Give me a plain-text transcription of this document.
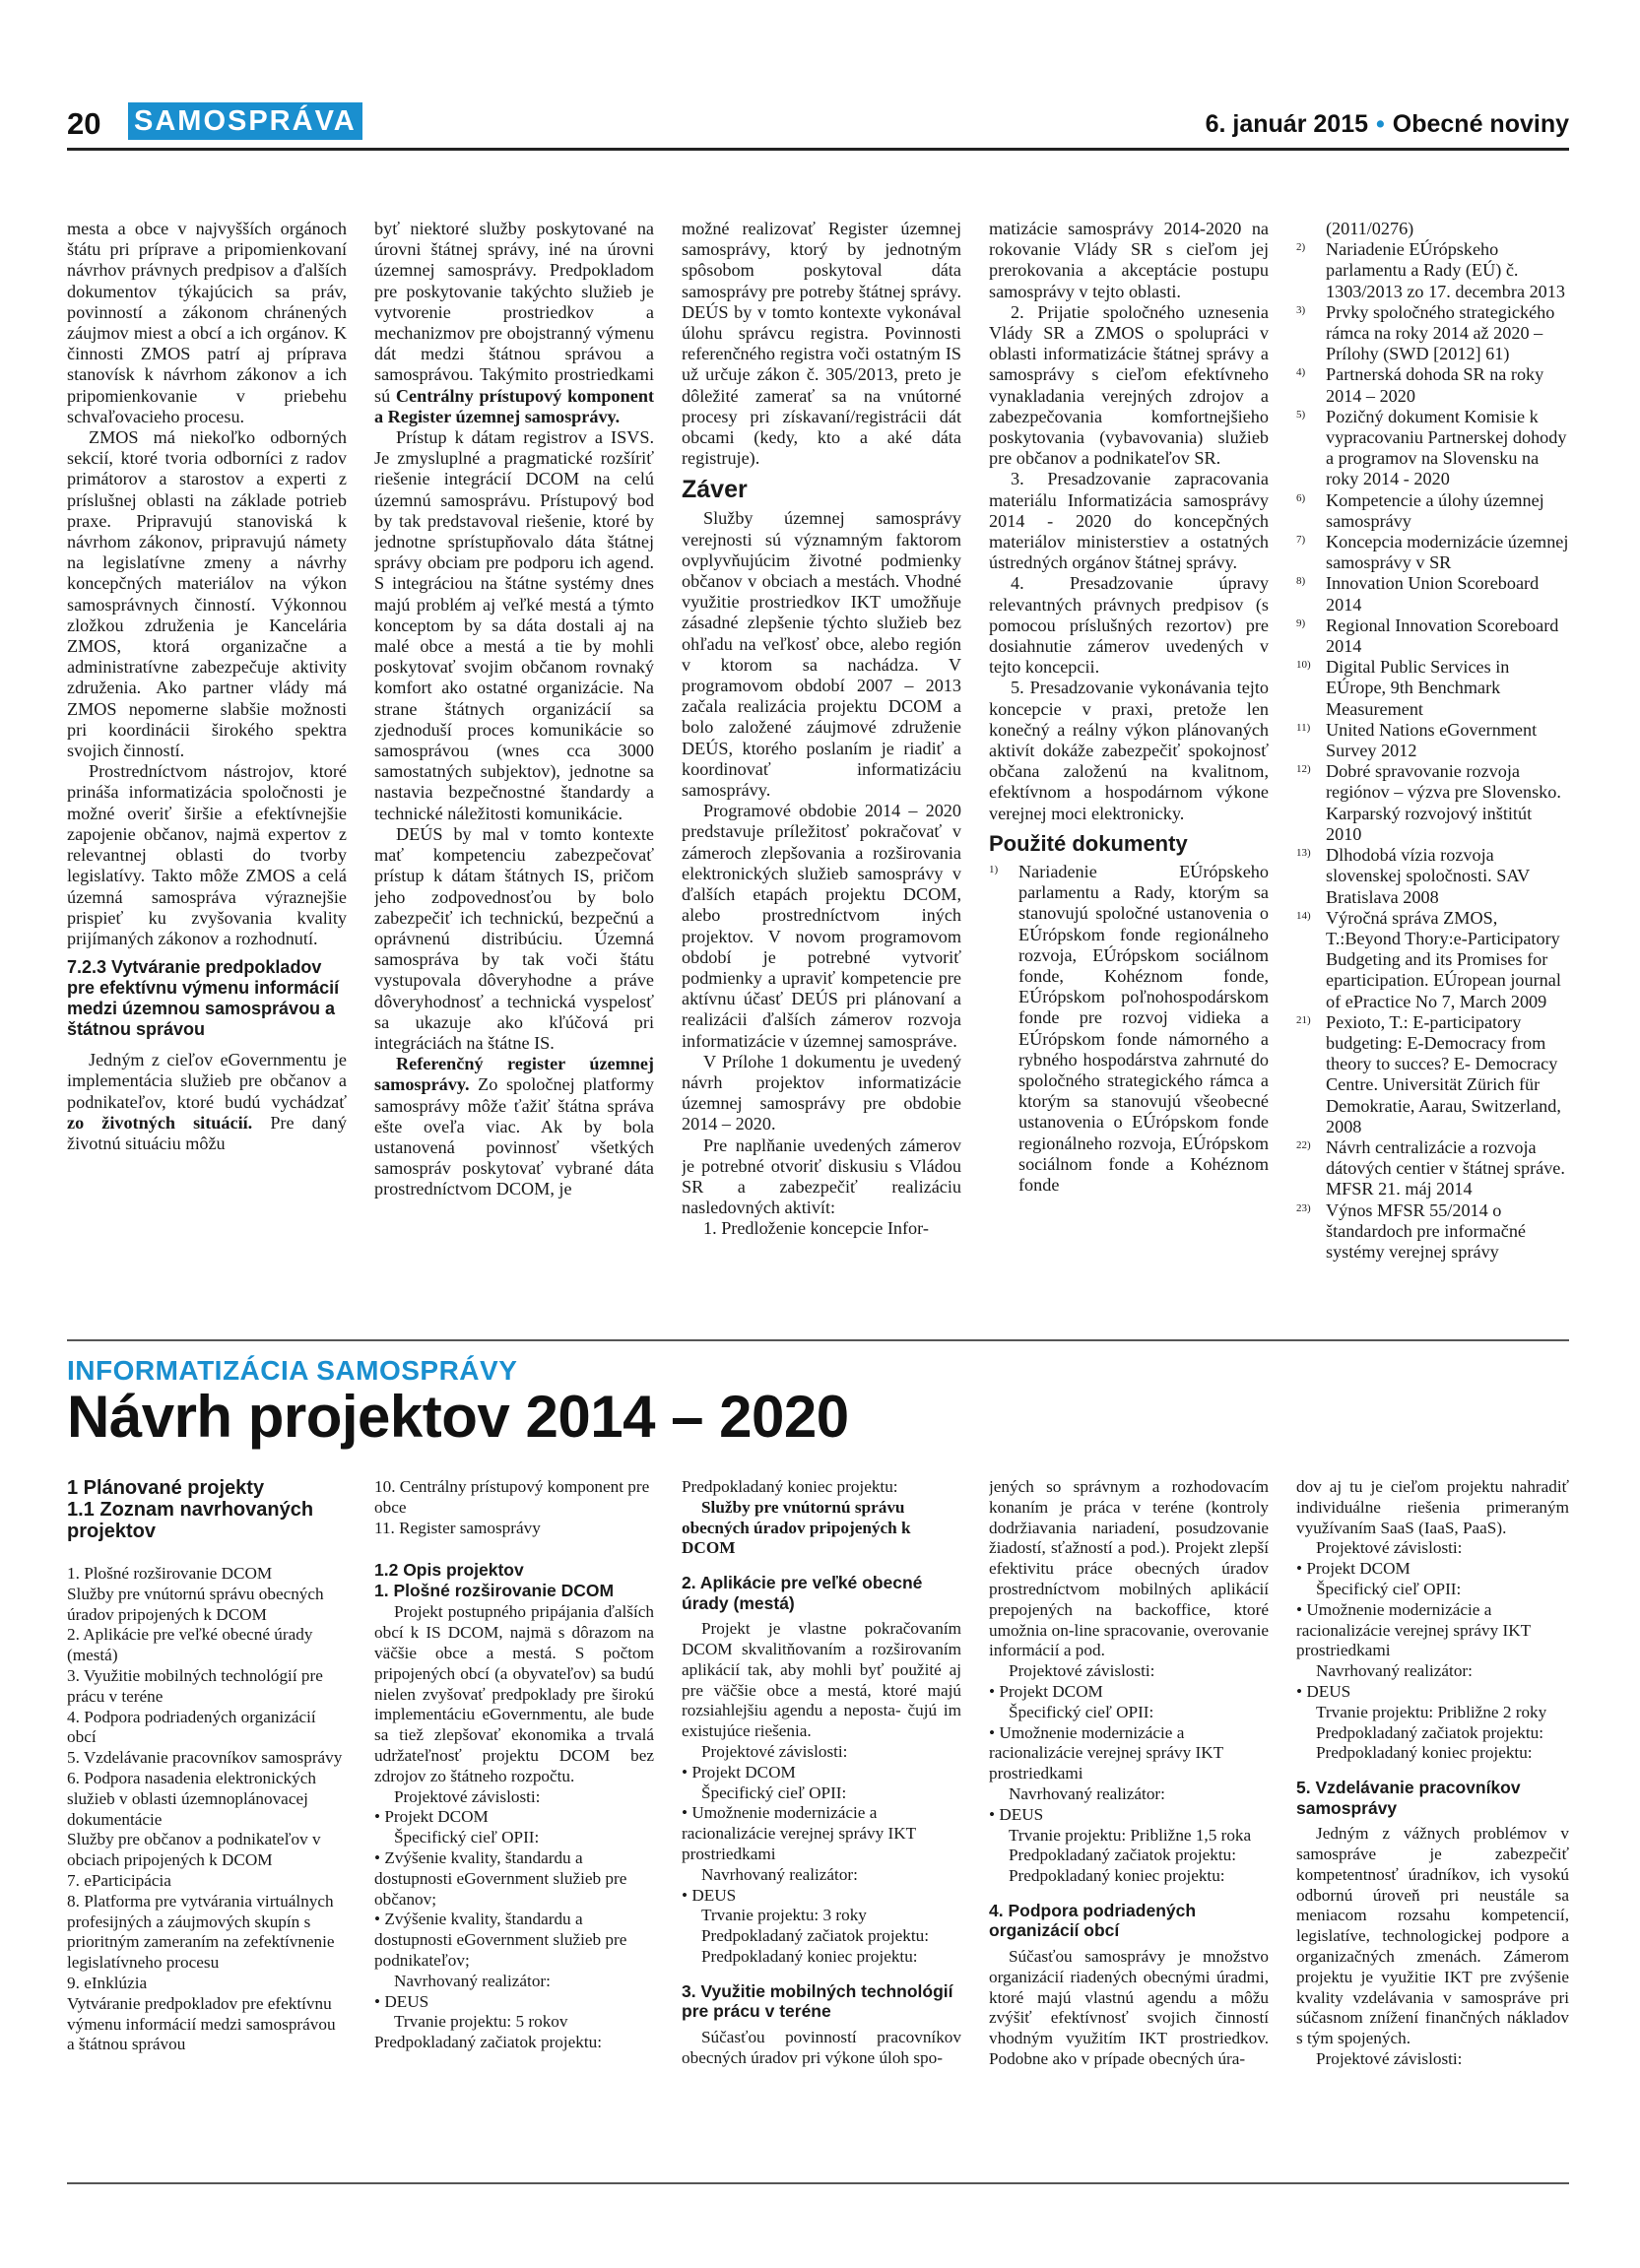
20 SAMOSPRÁVA	6. január 2015 • Obecné noviny

mesta a obce v najvyšších orgánoch štátu pri príprave a pripomienkovaní návrhov právnych predpisov a ďalších dokumentov týkajúcich sa práv, povinností a zákonom chránených záujmov miest a obcí a ich orgánov. K činnosti ZMOS patrí aj príprava stanovísk k návrhom zákonov a ich pripomienkovanie v priebehu schvaľovacieho procesu.

ZMOS má niekoľko odborných sekcií, ktoré tvoria odborníci z radov primátorov a starostov a experti z príslušnej oblasti na základe potrieb praxe. Pripravujú stanoviská k návrhom zákonov, pripravujú námety na legislatívne zmeny a návrhy koncepčných materiálov na výkon samosprávnych činností. Výkonnou zložkou združenia je Kancelária ZMOS, ktorá organizačne a administratívne zabezpečuje aktivity združenia. Ako partner vlády má ZMOS nepomerne slabšie možnosti pri koordinácii širokého spektra svojich činností.

Prostredníctvom nástrojov, ktoré prináša informatizácia spoločnosti je možné overiť širšie a efektívnejšie zapojenie občanov, najmä expertov z relevantnej oblasti do tvorby legislatívy. Takto môže ZMOS a celá územná samospráva výraznejšie prispieť ku zvyšovania kvality prijímaných zákonov a rozhodnutí.

7.2.3 Vytváranie predpokladov pre efektívnu výmenu informácií medzi územnou samosprávou a štátnou správou

Jedným z cieľov eGovernmentu je implementácia služieb pre občanov a podnikateľov, ktoré budú vychádzať zo životných situácií. Pre daný životnú situáciu môžu

byť niektoré služby poskytované na úrovni štátnej správy, iné na úrovni územnej samosprávy. Predpokladom pre poskytovanie takýchto služieb je vytvorenie prostriedkov a mechanizmov pre obojstranný výmenu dát medzi štátnou správou a samosprávou. Takýmito prostriedkami sú Centrálny prístupový komponent a Register územnej samosprávy.

Prístup k dátam registrov a ISVS. Je zmysluplné a pragmatické rozšíriť riešenie integrácií DCOM na celú územnú samosprávu. Prístupový bod by tak predstavoval riešenie, ktoré by jednotne sprístupňovalo dáta štátnej správy obciam pre podporu ich agend. S integráciou na štátne systémy dnes majú problém aj veľké mestá a týmto konceptom by sa dáta dostali aj na malé obce a mestá a tie by mohli poskytovať svojim občanom rovnaký komfort ako ostatné organizácie. Na strane štátnych organizácií sa zjednoduší proces komunikácie so samosprávou (wnes cca 3000 samostatných subjektov), jednotne sa nastavia bezpečnostné štandardy a technické náležitosti komunikácie.

DEÚS by mal v tomto kontexte mať kompetenciu zabezpečovať prístup k dátam štátnych IS, pričom jeho zodpovednosťou by bolo zabezpečiť ich technickú, bezpečnú a oprávnenú distribúciu. Územná samospráva by tak voči štátu vystupovala dôveryhodne a práve dôveryhodnosť a technická vyspelosť sa ukazuje ako kľúčová pri integráciách na štátne IS.

Referenčný register územnej samosprávy. Zo spoločnej platformy samosprávy môže ťažiť štátna správa ešte oveľa viac. Ak by bola ustanovená povinnosť všetkých samospráv poskytovať vybrané dáta prostredníctvom DCOM, je

možné realizovať Register územnej samosprávy, ktorý by jednotným spôsobom poskytoval dáta samosprávy pre potreby štátnej správy. DEÚS by v tomto kontexte vykonával úlohu správcu registra. Povinnosti referenčného registra voči ostatným IS už určuje zákon č. 305/2013, preto je dôležité zamerať sa na vnútorné procesy pri získavaní/registrácii dát obcami (kedy, kto a aké dáta registruje).

Záver

Služby územnej samosprávy verejnosti sú významným faktorom ovplyvňujúcim životné podmienky občanov v obciach a mestách. Vhodné využitie prostriedkov IKT umožňuje zásadné zlepšenie týchto služieb bez ohľadu na veľkosť obce, alebo región v ktorom sa nachádza. V programovom období 2007 – 2013 začala realizácia projektu DCOM a bolo založené záujmové združenie DEÚS, ktorého poslaním je riadiť a koordinovať informatizáciu samosprávy.

Programové obdobie 2014 – 2020 predstavuje príležitosť pokračovať v zámeroch zlepšovania a rozširovania elektronických služieb samosprávy v ďalších etapách projektu DCOM, alebo prostredníctvom iných projektov. V novom programovom období je potrebné vytvoriť podmienky a upraviť kompetencie pre aktívnu účasť DEÚS pri plánovaní a realizácii ďalších zámerov rozvoja informatizácie v územnej samospráve.

V Prílohe 1 dokumentu je uvedený návrh projektov informatizácie územnej samosprávy pre obdobie 2014 – 2020.

Pre naplňanie uvedených zámerov je potrebné otvoriť diskusiu s Vládou SR a zabezpečiť realizáciu nasledovných aktivít:

1. Predloženie koncepcie Infor-

matizácie samosprávy 2014-2020 na rokovanie Vlády SR s cieľom jej prerokovania a akceptácie postupu samosprávy v tejto oblasti.

2. Prijatie spoločného uznesenia Vlády SR a ZMOS o spolupráci v oblasti informatizácie štátnej správy a samosprávy s cieľom efektívneho vynakladania verejných zdrojov a zabezpečovania komfortnejšieho poskytovania (vybavovania) služieb pre občanov a podnikateľov SR.

3. Presadzovanie zapracovania materiálu Informatizácia samosprávy 2014 - 2020 do koncepčných materiálov ministerstiev a ostatných ústredných orgánov štátnej správy.

4. Presadzovanie úpravy relevantných právnych predpisov (s pomocou príslušných rezortov) pre dosiahnutie zámerov uvedených v tejto koncepcii.

5. Presadzovanie vykonávania tejto koncepcie v praxi, pretože len konečný a reálny výkon plánovaných aktivít dokáže zabezpečiť spokojnosť občana založenú na kvalitnom, efektívnom a hospodárnom výkone verejnej moci elektronicky.

Použité dokumenty
1)	Nariadenie EÚrópskeho parlamentu a Rady, ktorým sa stanovujú spoločné ustanovenia o EÚrópskom fonde regionálneho rozvoja, EÚrópskom sociálnom fonde, Kohéznom fonde, EÚrópskom poľnohospodárskom fonde pre rozvoj vidieka a EÚrópskom fonde námorného a rybného hospodárstva zahrnuté do spoločného strategického rámca a ktorým sa stanovujú všeobecné ustanovenia o EÚrópskom fonde regionálneho rozvoja, EÚrópskom sociálnom fonde a Kohéznom fonde

(2011/0276)

2)	Nariadenie EÚrópskeho parlamentu a Rady (EÚ) č. 1303/2013 zo 17. decembra 2013
3)	Prvky spoločného strategického rámca na roky 2014 až 2020 – Prílohy (SWD [2012] 61)
4)	Partnerská dohoda SR na roky 2014 – 2020
5)	Pozičný dokument Komisie k vypracovaniu Partnerskej dohody a programov na Slovensku na roky 2014 - 2020
6)	Kompetencie a úlohy územnej samosprávy
7)	Koncepcia modernizácie územnej samosprávy v SR
8)	Innovation Union Scoreboard 2014
9)	Regional Innovation Scoreboard 2014
10) Digital Public Services in EÚrope, 9th Benchmark Measurement
11) United Nations eGovernment Survey 2012
12) Dobré spravovanie rozvoja regiónov – výzva pre Slovensko. Karparský rozvojový inštitút 2010
13) Dlhodobá vízia rozvoja slovenskej spoločnosti. SAV Bratislava 2008
14) Výročná správa ZMOS, T.:Beyond Thory:e-Participatory Budgeting and its Promises for eparticipation. EÚropean journal of ePractice No 7, March 2009
21) Pexioto, T.: E-participatory budgeting: E-Democracy from theory to succes? E- Democracy Centre. Universität Zürich für Demokratie, Aarau, Switzerland, 2008
22) Návrh centralizácie a rozvoja dátových centier v štátnej správe. MFSR 21. máj 2014
23) Výnos MFSR 55/2014 o štandardoch pre informačné systémy verejnej správy
INFORMATIZÁCIA SAMOSPRÁVY
Návrh projektov 2014 – 2020
1 Plánované projekty
1.1 Zoznam navrhovaných projektov

1. Plošné rozširovanie DCOM

Služby pre vnútornú správu obecných úradov pripojených k DCOM

2. Aplikácie pre veľké obecné úrady (mestá)

3. Využitie mobilných technológií pre prácu v teréne

4. Podpora podriadených organizácií obcí

5. Vzdelávanie pracovníkov samosprávy

6. Podpora nasadenia elektronických služieb v oblasti územnoplánovacej dokumentácie

Služby pre občanov a podnikateľov v obciach pripojených k DCOM

7. eParticipácia

8. Platforma pre vytvárania virtuálnych profesijných a záujmových skupín s prioritným zameraním na zefektívnenie legislatívneho procesu

9. eInklúzia

Vytváranie predpokladov pre efektívnu výmenu informácií medzi samosprávou a štátnou správou

10. Centrálny prístupový komponent pre obce

11. Register samosprávy

1.2 Opis projektov
1. Plošné rozširovanie DCOM

Projekt postupného pripájania ďalších obcí k IS DCOM, najmä s dôrazom na väčšie obce a mestá. S počtom pripojených obcí (a obyvateľov) sa budú nielen zvyšovať predpoklady pre širokú implementáciu eGovernmentu, ale bude sa tiež zlepšovať ekonomika a trvalá udržateľnosť projektu DCOM bez zdrojov zo štátneho rozpočtu.

Projektové závislosti:

• Projekt DCOM

Špecifický cieľ OPII:

• Zvýšenie kvality, štandardu a dostupnosti eGovernment služieb pre občanov;

• Zvýšenie kvality, štandardu a dostupnosti eGovernment služieb pre podnikateľov;

Navrhovaný realizátor:

• DEUS

Trvanie projektu: 5 rokov

Predpokladaný začiatok projektu:

Predpokladaný koniec projektu:

Služby pre vnútornú správu obecných úradov pripojených k DCOM

2. Aplikácie pre veľké obecné úrady (mestá)

Projekt je vlastne pokračovaním DCOM skvalitňovaním a rozširovaním aplikácií tak, aby mohli byť použité aj pre väčšie obce a mestá, ktoré majú rozsiahlejšiu agendu a neposta- čujú im existujúce riešenia.

Projektové závislosti:

• Projekt DCOM

Špecifický cieľ OPII:

• Umožnenie modernizácie a racionalizácie verejnej správy IKT prostriedkami

Navrhovaný realizátor:

• DEUS

Trvanie projektu: 3 roky

Predpokladaný začiatok projektu:

Predpokladaný koniec projektu:

3. Využitie mobilných technológií pre prácu v teréne

Súčasťou povinností pracovníkov obecných úradov pri výkone úloh spo-

jených so správnym a rozhodovacím konaním je práca v teréne (kontroly dodržiavania nariadení, posudzovanie žiadostí, sťažností a pod.). Projekt zlepší efektivitu práce obecných úradov prostredníctvom mobilných aplikácií prepojených na backoffice, ktoré umožnia on-line spracovanie, overovanie informácií a pod.

Projektové závislosti:

• Projekt DCOM

Špecifický cieľ OPII:

• Umožnenie modernizácie a racionalizácie verejnej správy IKT prostriedkami

Navrhovaný realizátor:

• DEUS

Trvanie projektu: Približne 1,5 roka

Predpokladaný začiatok projektu:

Predpokladaný koniec projektu:

4. Podpora podriadených organizácií obcí

Súčasťou samosprávy je množstvo organizácií riadených obecnými úradmi, ktoré majú vlastnú agendu a môžu zvýšiť efektívnosť svojich činností vhodným využitím IKT prostriedkov. Podobne ako v prípade obecných úra-

dov aj tu je cieľom projektu nahradiť individuálne riešenia primeraným využívaním SaaS (IaaS, PaaS).

Projektové závislosti:

• Projekt DCOM

Špecifický cieľ OPII:

• Umožnenie modernizácie a racionalizácie verejnej správy IKT prostriedkami

Navrhovaný realizátor:

• DEUS

Trvanie projektu: Približne 2 roky

Predpokladaný začiatok projektu:

Predpokladaný koniec projektu:

5. Vzdelávanie pracovníkov samosprávy

Jedným z vážnych problémov v samospráve je zabezpečiť kompetentnosť úradníkov, ich vysokú odbornú úroveň pri neustále sa meniacom rozsahu kompetencií, legislatíve, technologickej podpore a organizačných zmenách. Zámerom projektu je využitie IKT pre zvýšenie kvality vzdelávania v samospráve pri súčasnom znížení finančných nákladov s tým spojených.

Projektové závislosti:
